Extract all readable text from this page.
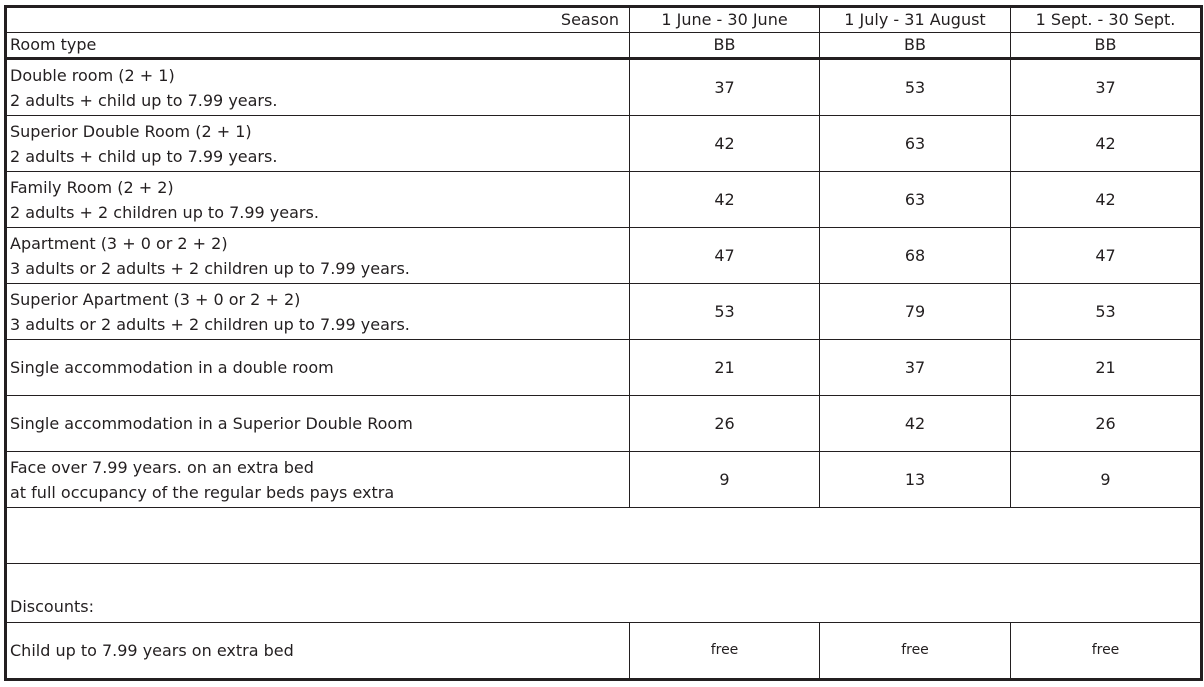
Season	1 June - 30 June	1 July - 31 August	1 Sept. - 30 Sept.
Room type	BB	BB	BB

Double room (2 + 1)
2 adults + child up to 7.99 years.	37	53	37

Superior Double Room (2 + 1)
2 adults + child up to 7.99 years.	42	63	42

Family Room (2 + 2)
2 adults + 2 children up to 7.99 years.	42	63	42

Apartment (3 + 0 or 2 + 2)
3 adults or 2 adults + 2 children up to 7.99 years.	47	68	47

Superior Apartment (3 + 0 or 2 + 2)
3 adults or 2 adults + 2 children up to 7.99 years.	53	79	53

Single accommodation in a double room	21	37	21

Single accommodation in a Superior Double Room	26	42	26

Face over 7.99 years. on an extra bed
at full occupancy of the regular beds pays extra	9	13	9

Discounts:			
Child up to 7.99 years on extra bed	free	free	free
